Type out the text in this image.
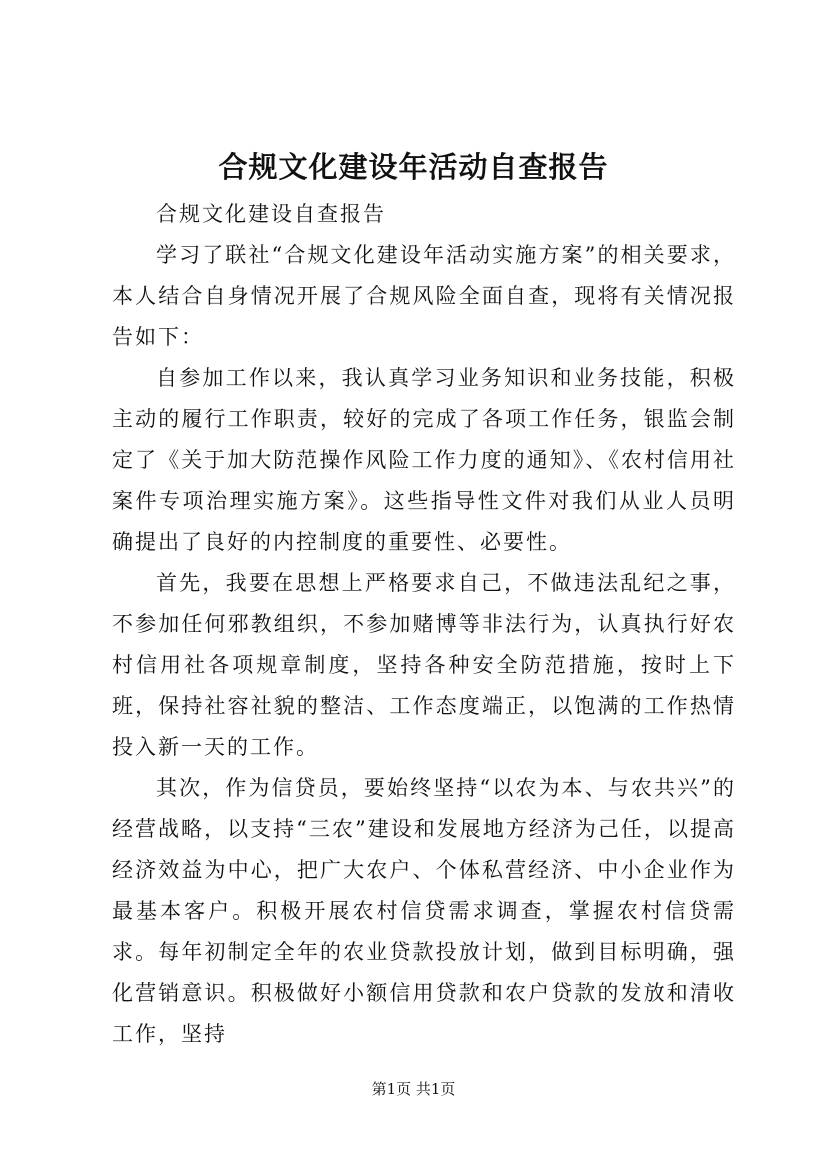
合规文化建设年活动自查报告

合规文化建设自查报告

学习了联社“合规文化建设年活动实施方案”的相关要求，本人结合自身情况开展了合规风险全面自查，现将有关情况报告如下：

自参加工作以来，我认真学习业务知识和业务技能，积极主动的履行工作职责，较好的完成了各项工作任务，银监会制定了《关于加大防范操作风险工作力度的通知》、《农村信用社案件专项治理实施方案》。这些指导性文件对我们从业人员明确提出了良好的内控制度的重要性、必要性。

首先，我要在思想上严格要求自己，不做违法乱纪之事，不参加任何邪教组织，不参加赌博等非法行为，认真执行好农村信用社各项规章制度，坚持各种安全防范措施，按时上下班，保持社容社貌的整洁、工作态度端正，以饱满的工作热情投入新一天的工作。

其次，作为信贷员，要始终坚持“以农为本、与农共兴”的经营战略，以支持“三农”建设和发展地方经济为己任，以提高经济效益为中心，把广大农户、个体私营经济、中小企业作为最基本客户。积极开展农村信贷需求调查，掌握农村信贷需求。每年初制定全年的农业贷款投放计划，做到目标明确，强化营销意识。积极做好小额信用贷款和农户贷款的发放和清收工作，坚持

第1页 共1页
